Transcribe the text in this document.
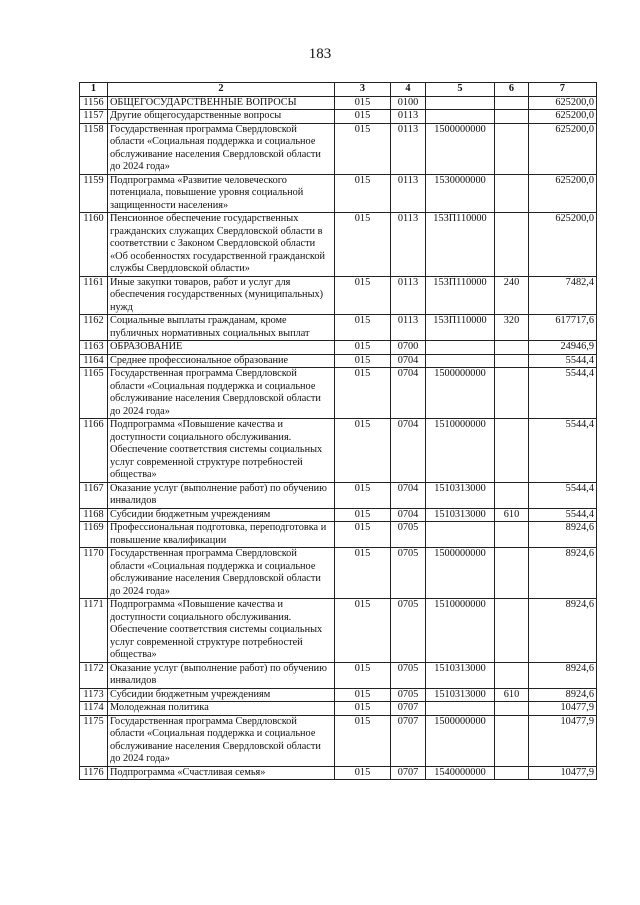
183
1	2	3	4	5	6	7
1156	ОБЩЕГОСУДАРСТВЕННЫЕ ВОПРОСЫ	015	0100			625200,0
1157	Другие общегосударственные вопросы	015	0113			625200,0
1158	Государственная программа Свердловской области «Социальная поддержка и социальное обслуживание населения Свердловской области до 2024 года»	015	0113	1500000000		625200,0
1159	Подпрограмма «Развитие человеческого потенциала, повышение уровня социальной защищенности населения»	015	0113	1530000000		625200,0
1160	Пенсионное обеспечение государственных гражданских служащих Свердловской области в соответствии с Законом Свердловской области «Об особенностях государственной гражданской службы Свердловской области»	015	0113	153П110000		625200,0
1161	Иные закупки товаров, работ и услуг для обеспечения государственных (муниципальных) нужд	015	0113	153П110000	240	7482,4
1162	Социальные выплаты гражданам, кроме публичных нормативных социальных выплат	015	0113	153П110000	320	617717,6
1163	ОБРАЗОВАНИЕ	015	0700			24946,9
1164	Среднее профессиональное образование	015	0704			5544,4
1165	Государственная программа Свердловской области «Социальная поддержка и социальное обслуживание населения Свердловской области до 2024 года»	015	0704	1500000000		5544,4
1166	Подпрограмма «Повышение качества и доступности социального обслуживания. Обеспечение соответствия системы социальных услуг современной структуре потребностей общества»	015	0704	1510000000		5544,4
1167	Оказание услуг (выполнение работ) по обучению инвалидов	015	0704	1510313000		5544,4
1168	Субсидии бюджетным учреждениям	015	0704	1510313000	610	5544,4
1169	Профессиональная подготовка, переподготовка и повышение квалификации	015	0705			8924,6
1170	Государственная программа Свердловской области «Социальная поддержка и социальное обслуживание населения Свердловской области до 2024 года»	015	0705	1500000000		8924,6
1171	Подпрограмма «Повышение качества и доступности социального обслуживания. Обеспечение соответствия системы социальных услуг современной структуре потребностей общества»	015	0705	1510000000		8924,6
1172	Оказание услуг (выполнение работ) по обучению инвалидов	015	0705	1510313000		8924,6
1173	Субсидии бюджетным учреждениям	015	0705	1510313000	610	8924,6
1174	Молодежная политика	015	0707			10477,9
1175	Государственная программа Свердловской области «Социальная поддержка и социальное обслуживание населения Свердловской области до 2024 года»	015	0707	1500000000		10477,9
1176	Подпрограмма «Счастливая семья»	015	0707	1540000000		10477,9
